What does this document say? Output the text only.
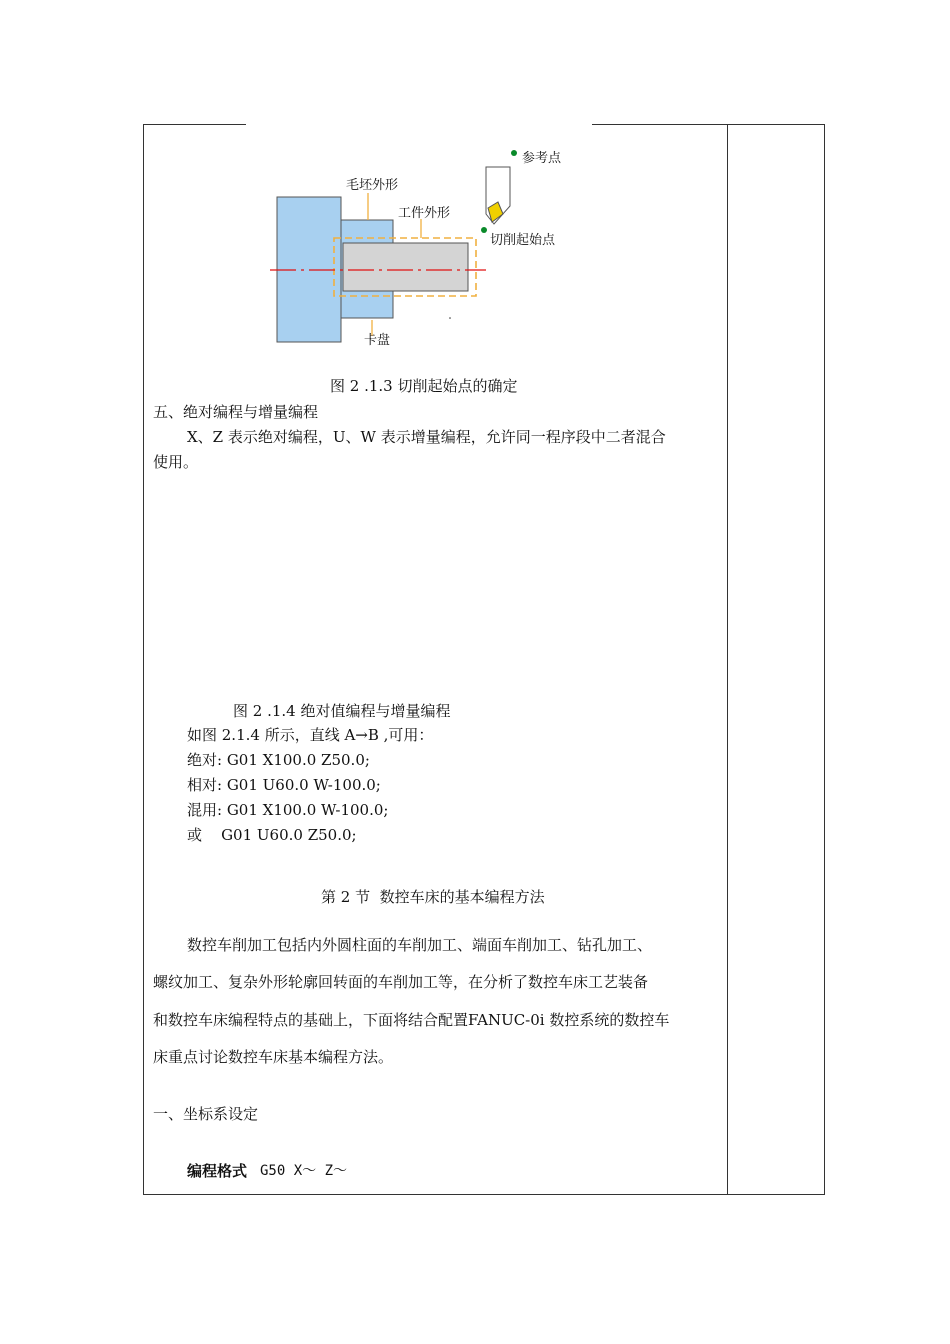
毛坯外形
工件外形
参考点
切削起始点
卡盘
图 2 .1.3 切削起始点的确定
五、绝对编程与增量编程
X、Z 表示绝对编程，U、W 表示增量编程，允许同一程序段中二者混合
使用。
图 2 .1.4 绝对值编程与增量编程
如图 2.1.4 所示，直线 A→B ,可用：
绝对: G01 X100.0 Z50.0;
相对: G01 U60.0 W-100.0;
混用: G01 X100.0 W-100.0;
或    G01 U60.0 Z50.0;
第 2 节  数控车床的基本编程方法
数控车削加工包括内外圆柱面的车削加工、端面车削加工、钻孔加工、
螺纹加工、复杂外形轮廓回转面的车削加工等，在分析了数控车床工艺装备
和数控车床编程特点的基础上，下面将结合配置FANUC-0i 数控系统的数控车
床重点讨论数控车床基本编程方法。
一、坐标系设定
编程格式 G50 X～ Z～
